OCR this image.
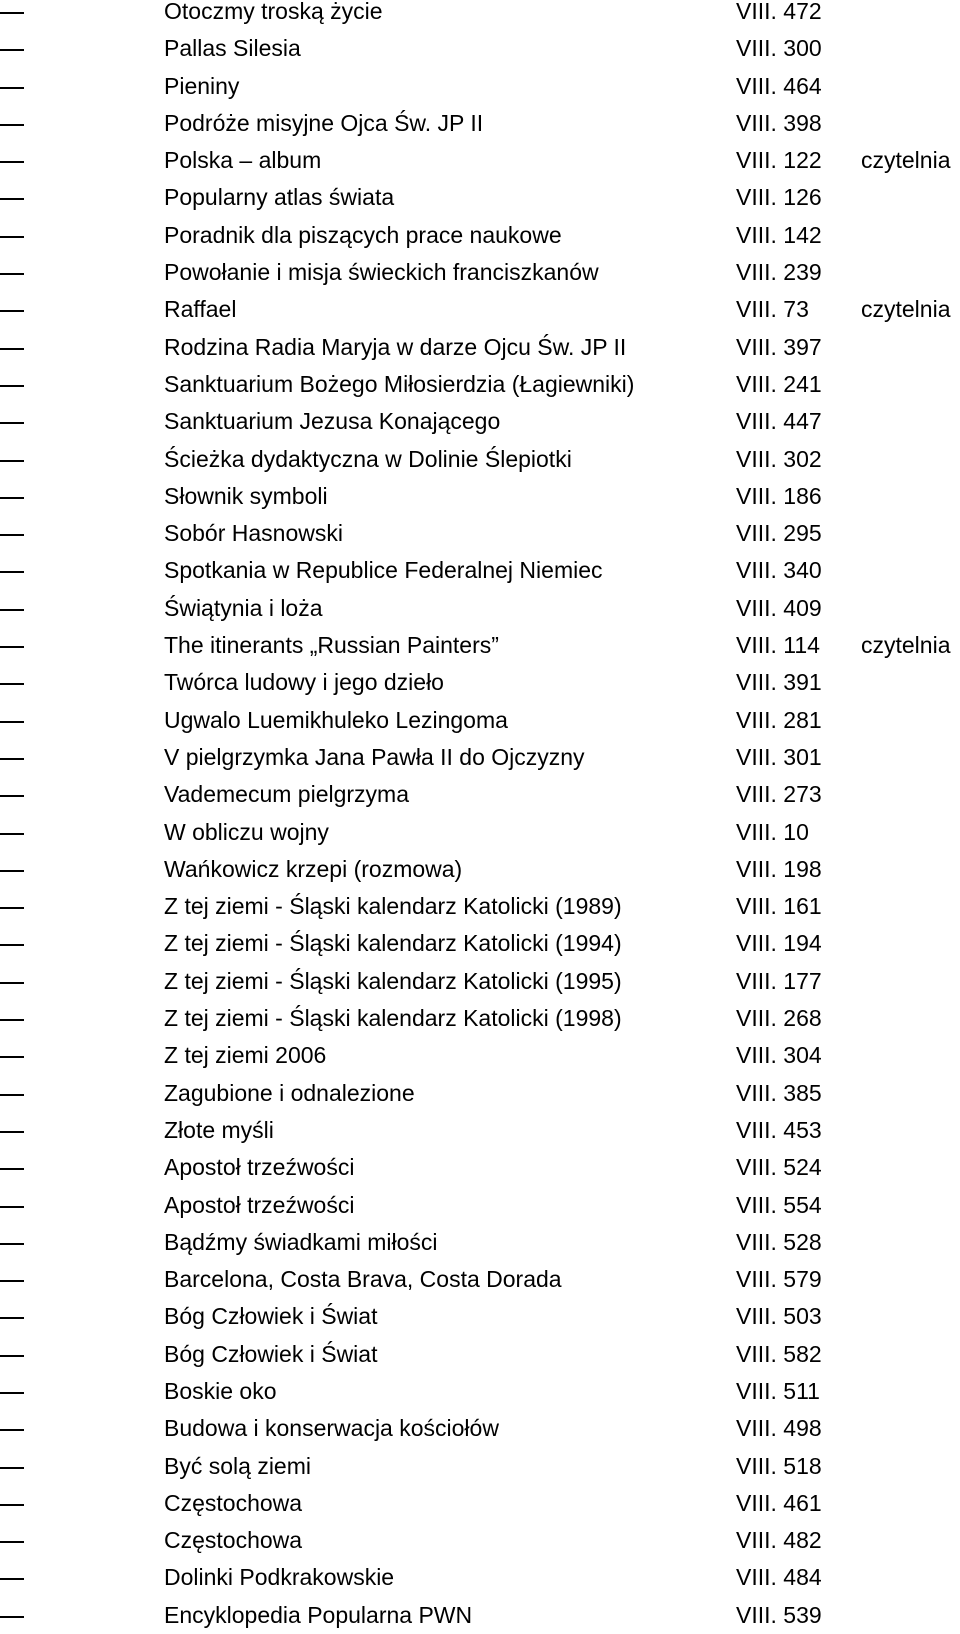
Otoczmy troską życie	VIII. 472
Pallas Silesia	VIII. 300
Pieniny	VIII. 464
Podróże misyjne Ojca Św. JP II	VIII. 398
Polska – album	VIII. 122 czytelnia
Popularny atlas świata	VIII. 126
Poradnik dla piszących prace naukowe	VIII. 142
Powołanie i misja świeckich franciszkanów	VIII. 239
Raffael	VIII. 73 czytelnia
Rodzina Radia Maryja w darze Ojcu Św. JP II	VIII. 397
Sanktuarium Bożego Miłosierdzia (Łagiewniki)	VIII. 241
Sanktuarium Jezusa Konającego	VIII. 447
Ścieżka dydaktyczna w Dolinie Ślepiotki	VIII. 302
Słownik symboli	VIII. 186
Sobór Hasnowski	VIII. 295
Spotkania w Republice Federalnej Niemiec	VIII. 340
Świątynia i loża	VIII. 409
The itinerants „Russian Painters”	VIII. 114 czytelnia
Twórca ludowy i jego dzieło	VIII. 391
Ugwalo Luemikhuleko Lezingoma	VIII. 281
V pielgrzymka Jana Pawła II do Ojczyzny	VIII. 301
Vademecum pielgrzyma	VIII. 273
W obliczu wojny	VIII. 10
Wańkowicz krzepi (rozmowa)	VIII. 198
Z tej ziemi - Śląski kalendarz Katolicki (1989)	VIII. 161
Z tej ziemi - Śląski kalendarz Katolicki (1994)	VIII. 194
Z tej ziemi - Śląski kalendarz Katolicki (1995)	VIII. 177
Z tej ziemi - Śląski kalendarz Katolicki (1998)	VIII. 268
Z tej ziemi 2006	VIII. 304
Zagubione i odnalezione	VIII. 385
Złote myśli	VIII. 453
Apostoł trzeźwości	VIII. 524
Apostoł trzeźwości	VIII. 554
Bądźmy świadkami miłości	VIII. 528
Barcelona, Costa Brava, Costa Dorada	VIII. 579
Bóg Człowiek i Świat	VIII. 503
Bóg Człowiek i Świat	VIII. 582
Boskie oko	VIII. 511
Budowa i konserwacja kościołów	VIII. 498
Być solą ziemi	VIII. 518
Częstochowa	VIII. 461
Częstochowa	VIII. 482
Dolinki Podkrakowskie	VIII. 484
Encyklopedia Popularna PWN	VIII. 539
